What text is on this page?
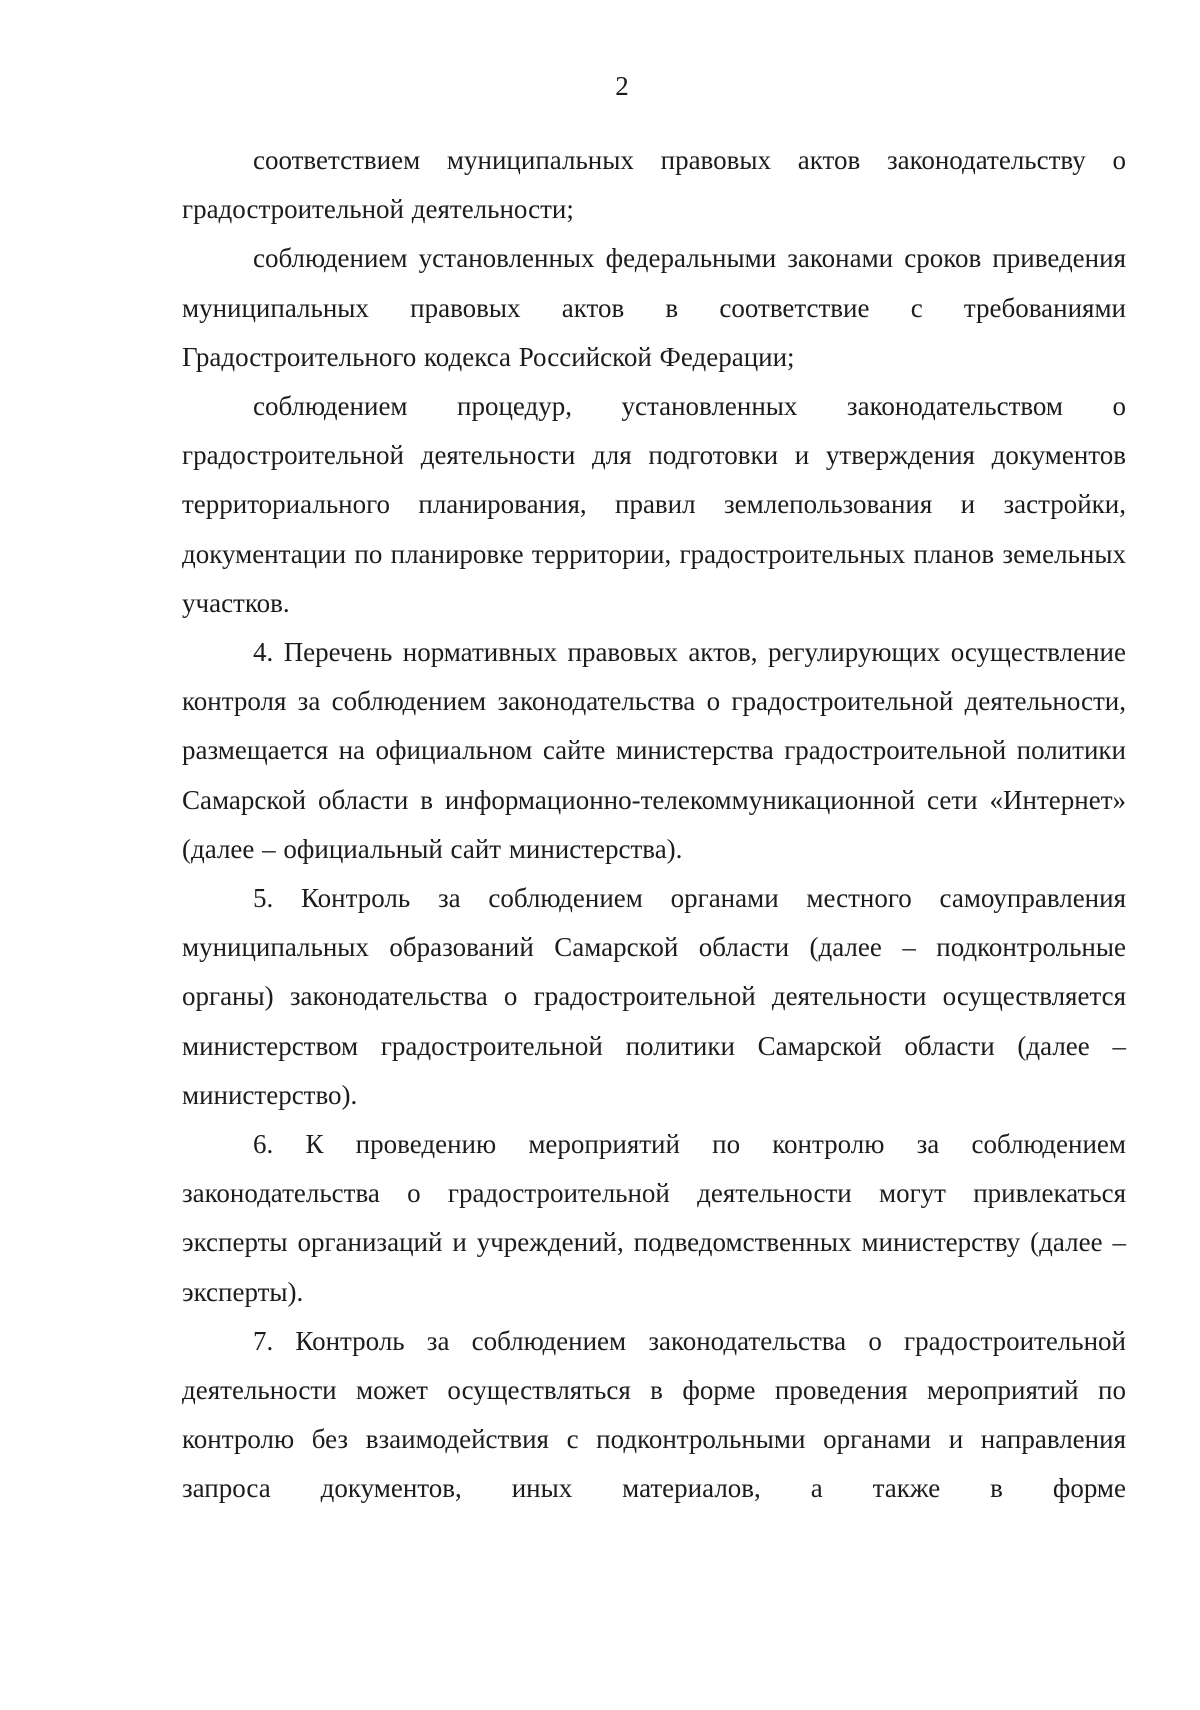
2

соответствием муниципальных правовых актов законодательству о градостроительной деятельности;

соблюдением установленных федеральными законами сроков приведения муниципальных правовых актов в соответствие с требованиями Градостроительного кодекса Российской Федерации;

соблюдением процедур, установленных законодательством о градостроительной деятельности для подготовки и утверждения документов территориального планирования, правил землепользования и застройки, документации по планировке территории, градостроительных планов земельных участков.

4. Перечень нормативных правовых актов, регулирующих осуществление контроля за соблюдением законодательства о градостроительной деятельности, размещается на официальном сайте министерства градостроительной политики Самарской области в информационно-телекоммуникационной сети «Интернет» (далее – официальный сайт министерства).

5. Контроль за соблюдением органами местного самоуправления муниципальных образований Самарской области (далее – подконтрольные органы) законодательства о градостроительной деятельности осуществляется министерством градостроительной политики Самарской области (далее – министерство).

6. К проведению мероприятий по контролю за соблюдением законодательства о градостроительной деятельности могут привлекаться эксперты организаций и учреждений, подведомственных министерству (далее – эксперты).

7. Контроль за соблюдением законодательства о градостроительной деятельности может осуществляться в форме проведения мероприятий по контролю без взаимодействия с подконтрольными органами и направления запроса документов, иных материалов, а также в форме
